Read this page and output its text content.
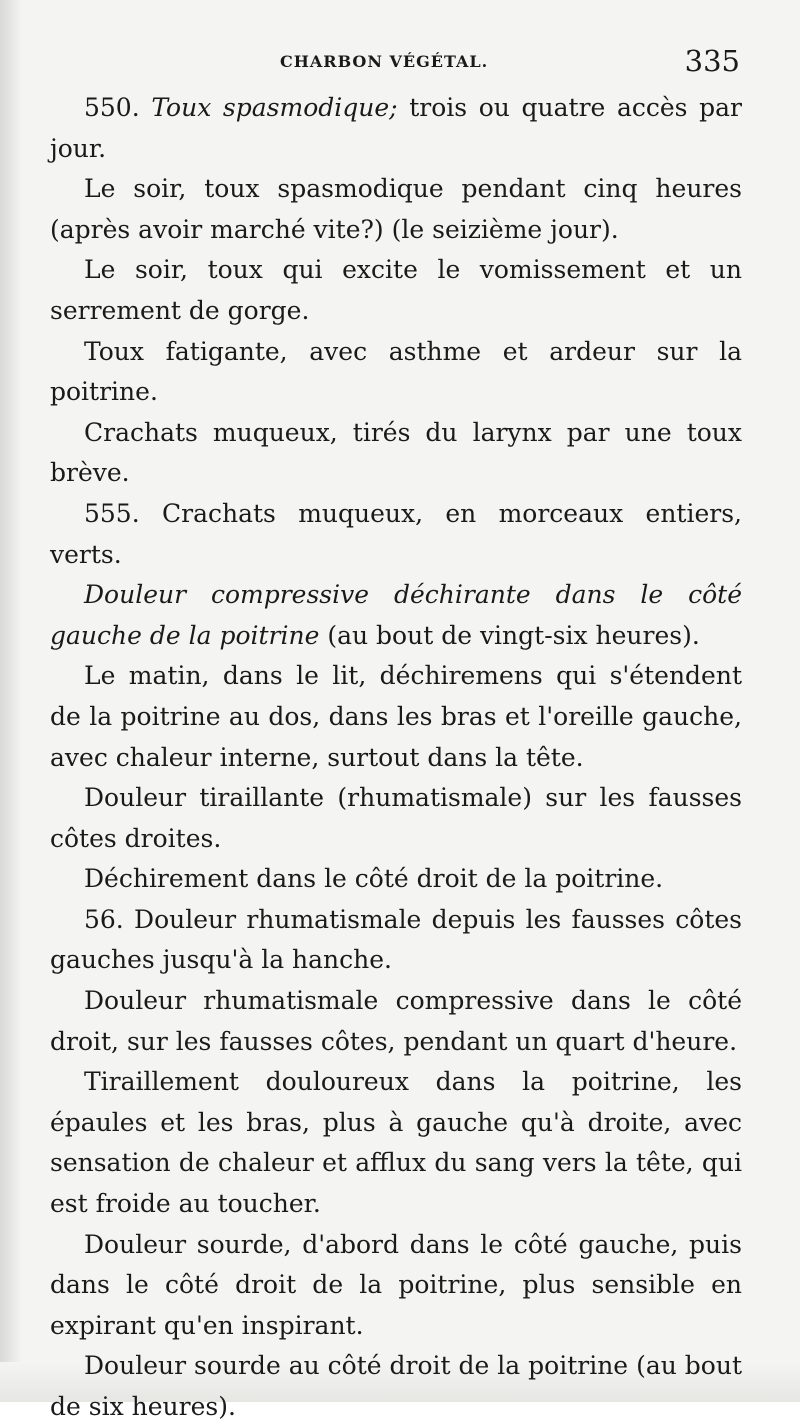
CHARBON VÉGÉTAL.	335

550. Toux spasmodique; trois ou quatre accès par jour.

Le soir, toux spasmodique pendant cinq heures (après avoir marché vite?) (le seizième jour).

Le soir, toux qui excite le vomissement et un serrement de gorge.

Toux fatigante, avec asthme et ardeur sur la poitrine.

Crachats muqueux, tirés du larynx par une toux brève.

555. Crachats muqueux, en morceaux entiers, verts.

Douleur compressive déchirante dans le côté gauche de la poitrine (au bout de vingt-six heures).

Le matin, dans le lit, déchiremens qui s'étendent de la poitrine au dos, dans les bras et l'oreille gauche, avec chaleur interne, surtout dans la tête.

Douleur tiraillante (rhumatismale) sur les fausses côtes droites.

Déchirement dans le côté droit de la poitrine.

56. Douleur rhumatismale depuis les fausses côtes gauches jusqu'à la hanche.

Douleur rhumatismale compressive dans le côté droit, sur les fausses côtes, pendant un quart d'heure.

Tiraillement douloureux dans la poitrine, les épaules et les bras, plus à gauche qu'à droite, avec sensation de chaleur et afflux du sang vers la tête, qui est froide au toucher.

Douleur sourde, d'abord dans le côté gauche, puis dans le côté droit de la poitrine, plus sensible en expirant qu'en inspirant.

Douleur sourde au côté droit de la poitrine (au bout de six heures).
